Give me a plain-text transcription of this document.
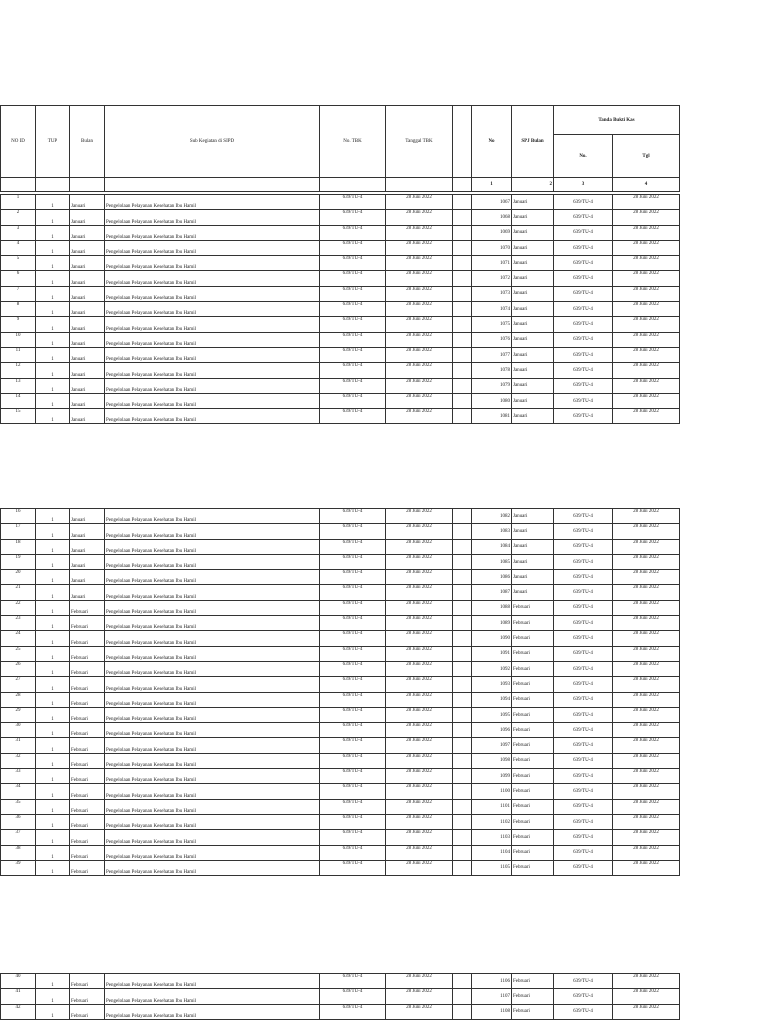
NO ID	TUP	Bulan	Sub Kegiatan di SIPD	No. TBK	Tanggal TBK		No	SPJ Bulan	Tanda Bukti Kas	
									No.	Tgl
							1	2	3	4
1	1	Januari	Pengelolaan Pelayanan Kesehatan Ibu Hamil	639/TU-4	28 Juni 2022		1067	Januari	639/TU-4	28 Juni 2022
2	1	Januari	Pengelolaan Pelayanan Kesehatan Ibu Hamil	639/TU-4	28 Juni 2022		1068	Januari	639/TU-4	28 Juni 2022
3	1	Januari	Pengelolaan Pelayanan Kesehatan Ibu Hamil	639/TU-4	28 Juni 2022		1069	Januari	639/TU-4	28 Juni 2022
4	1	Januari	Pengelolaan Pelayanan Kesehatan Ibu Hamil	639/TU-4	28 Juni 2022		1070	Januari	639/TU-4	28 Juni 2022
5	1	Januari	Pengelolaan Pelayanan Kesehatan Ibu Hamil	639/TU-4	28 Juni 2022		1071	Januari	639/TU-4	28 Juni 2022
6	1	Januari	Pengelolaan Pelayanan Kesehatan Ibu Hamil	639/TU-4	28 Juni 2022		1072	Januari	639/TU-4	28 Juni 2022
7	1	Januari	Pengelolaan Pelayanan Kesehatan Ibu Hamil	639/TU-4	28 Juni 2022		1073	Januari	639/TU-4	28 Juni 2022
8	1	Januari	Pengelolaan Pelayanan Kesehatan Ibu Hamil	639/TU-4	28 Juni 2022		1074	Januari	639/TU-4	28 Juni 2022
9	1	Januari	Pengelolaan Pelayanan Kesehatan Ibu Hamil	639/TU-4	28 Juni 2022		1075	Januari	639/TU-4	28 Juni 2022
10	1	Januari	Pengelolaan Pelayanan Kesehatan Ibu Hamil	639/TU-4	28 Juni 2022		1076	Januari	639/TU-4	28 Juni 2022
11	1	Januari	Pengelolaan Pelayanan Kesehatan Ibu Hamil	639/TU-4	28 Juni 2022		1077	Januari	639/TU-4	28 Juni 2022
12	1	Januari	Pengelolaan Pelayanan Kesehatan Ibu Hamil	639/TU-4	28 Juni 2022		1078	Januari	639/TU-4	28 Juni 2022
13	1	Januari	Pengelolaan Pelayanan Kesehatan Ibu Hamil	639/TU-4	28 Juni 2022		1079	Januari	639/TU-4	28 Juni 2022
14	1	Januari	Pengelolaan Pelayanan Kesehatan Ibu Hamil	639/TU-4	28 Juni 2022		1080	Januari	639/TU-4	28 Juni 2022
15	1	Januari	Pengelolaan Pelayanan Kesehatan Ibu Hamil	639/TU-4	28 Juni 2022		1081	Januari	639/TU-4	28 Juni 2022
16	1	Januari	Pengelolaan Pelayanan Kesehatan Ibu Hamil	639/TU-4	28 Juni 2022		1082	Januari	639/TU-4	28 Juni 2022
17	1	Januari	Pengelolaan Pelayanan Kesehatan Ibu Hamil	639/TU-4	28 Juni 2022		1083	Januari	639/TU-4	28 Juni 2022
18	1	Januari	Pengelolaan Pelayanan Kesehatan Ibu Hamil	639/TU-4	28 Juni 2022		1084	Januari	639/TU-4	28 Juni 2022
19	1	Januari	Pengelolaan Pelayanan Kesehatan Ibu Hamil	639/TU-4	28 Juni 2022		1085	Januari	639/TU-4	28 Juni 2022
20	1	Januari	Pengelolaan Pelayanan Kesehatan Ibu Hamil	639/TU-4	28 Juni 2022		1086	Januari	639/TU-4	28 Juni 2022
21	1	Januari	Pengelolaan Pelayanan Kesehatan Ibu Hamil	639/TU-4	28 Juni 2022		1087	Januari	639/TU-4	28 Juni 2022
22	1	Februari	Pengelolaan Pelayanan Kesehatan Ibu Hamil	639/TU-4	28 Juni 2022		1088	Februari	639/TU-4	28 Juni 2022
23	1	Februari	Pengelolaan Pelayanan Kesehatan Ibu Hamil	639/TU-4	28 Juni 2022		1089	Februari	639/TU-4	28 Juni 2022
24	1	Februari	Pengelolaan Pelayanan Kesehatan Ibu Hamil	639/TU-4	28 Juni 2022		1090	Februari	639/TU-4	28 Juni 2022
25	1	Februari	Pengelolaan Pelayanan Kesehatan Ibu Hamil	639/TU-4	28 Juni 2022		1091	Februari	639/TU-4	28 Juni 2022
26	1	Februari	Pengelolaan Pelayanan Kesehatan Ibu Hamil	639/TU-4	28 Juni 2022		1092	Februari	639/TU-4	28 Juni 2022
27	1	Februari	Pengelolaan Pelayanan Kesehatan Ibu Hamil	639/TU-4	28 Juni 2022		1093	Februari	639/TU-4	28 Juni 2022
28	1	Februari	Pengelolaan Pelayanan Kesehatan Ibu Hamil	639/TU-4	28 Juni 2022		1094	Februari	639/TU-4	28 Juni 2022
29	1	Februari	Pengelolaan Pelayanan Kesehatan Ibu Hamil	639/TU-4	28 Juni 2022		1095	Februari	639/TU-4	28 Juni 2022
30	1	Februari	Pengelolaan Pelayanan Kesehatan Ibu Hamil	639/TU-4	28 Juni 2022		1096	Februari	639/TU-4	28 Juni 2022
31	1	Februari	Pengelolaan Pelayanan Kesehatan Ibu Hamil	639/TU-4	28 Juni 2022		1097	Februari	639/TU-4	28 Juni 2022
32	1	Februari	Pengelolaan Pelayanan Kesehatan Ibu Hamil	639/TU-4	28 Juni 2022		1098	Februari	639/TU-4	28 Juni 2022
33	1	Februari	Pengelolaan Pelayanan Kesehatan Ibu Hamil	639/TU-4	28 Juni 2022		1099	Februari	639/TU-4	28 Juni 2022
34	1	Februari	Pengelolaan Pelayanan Kesehatan Ibu Hamil	639/TU-4	28 Juni 2022		1100	Februari	639/TU-4	28 Juni 2022
35	1	Februari	Pengelolaan Pelayanan Kesehatan Ibu Hamil	639/TU-4	28 Juni 2022		1101	Februari	639/TU-4	28 Juni 2022
36	1	Februari	Pengelolaan Pelayanan Kesehatan Ibu Hamil	639/TU-4	28 Juni 2022		1102	Februari	639/TU-4	28 Juni 2022
37	1	Februari	Pengelolaan Pelayanan Kesehatan Ibu Hamil	639/TU-4	28 Juni 2022		1103	Februari	639/TU-4	28 Juni 2022
38	1	Februari	Pengelolaan Pelayanan Kesehatan Ibu Hamil	639/TU-4	28 Juni 2022		1104	Februari	639/TU-4	28 Juni 2022
39	1	Februari	Pengelolaan Pelayanan Kesehatan Ibu Hamil	639/TU-4	28 Juni 2022		1105	Februari	639/TU-4	28 Juni 2022
40	1	Februari	Pengelolaan Pelayanan Kesehatan Ibu Hamil	639/TU-4	28 Juni 2022		1106	Februari	639/TU-4	28 Juni 2022
41	1	Februari	Pengelolaan Pelayanan Kesehatan Ibu Hamil	639/TU-4	28 Juni 2022		1107	Februari	639/TU-4	28 Juni 2022
42	1	Februari	Pengelolaan Pelayanan Kesehatan Ibu Hamil	639/TU-4	28 Juni 2022		1108	Februari	639/TU-4	28 Juni 2022
